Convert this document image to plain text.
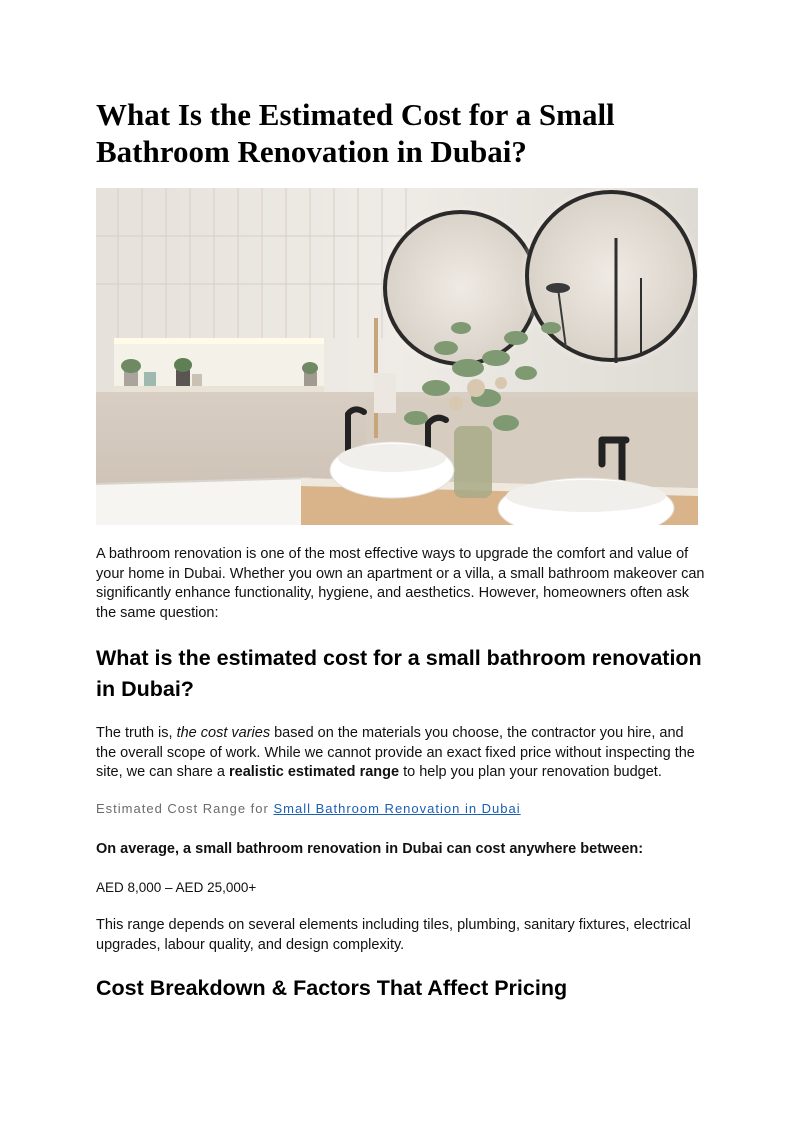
What Is the Estimated Cost for a Small Bathroom Renovation in Dubai?

A bathroom renovation is one of the most effective ways to upgrade the comfort and value of your home in Dubai. Whether you own an apartment or a villa, a small bathroom makeover can significantly enhance functionality, hygiene, and aesthetics. However, homeowners often ask the same question:

What is the estimated cost for a small bathroom renovation in Dubai?

The truth is, the cost varies based on the materials you choose, the contractor you hire, and the overall scope of work. While we cannot provide an exact fixed price without inspecting the site, we can share a realistic estimated range to help you plan your renovation budget.

Estimated Cost Range for Small Bathroom Renovation in Dubai

On average, a small bathroom renovation in Dubai can cost anywhere between:

AED 8,000 – AED 25,000+

This range depends on several elements including tiles, plumbing, sanitary fixtures, electrical upgrades, labour quality, and design complexity.

Cost Breakdown & Factors That Affect Pricing
